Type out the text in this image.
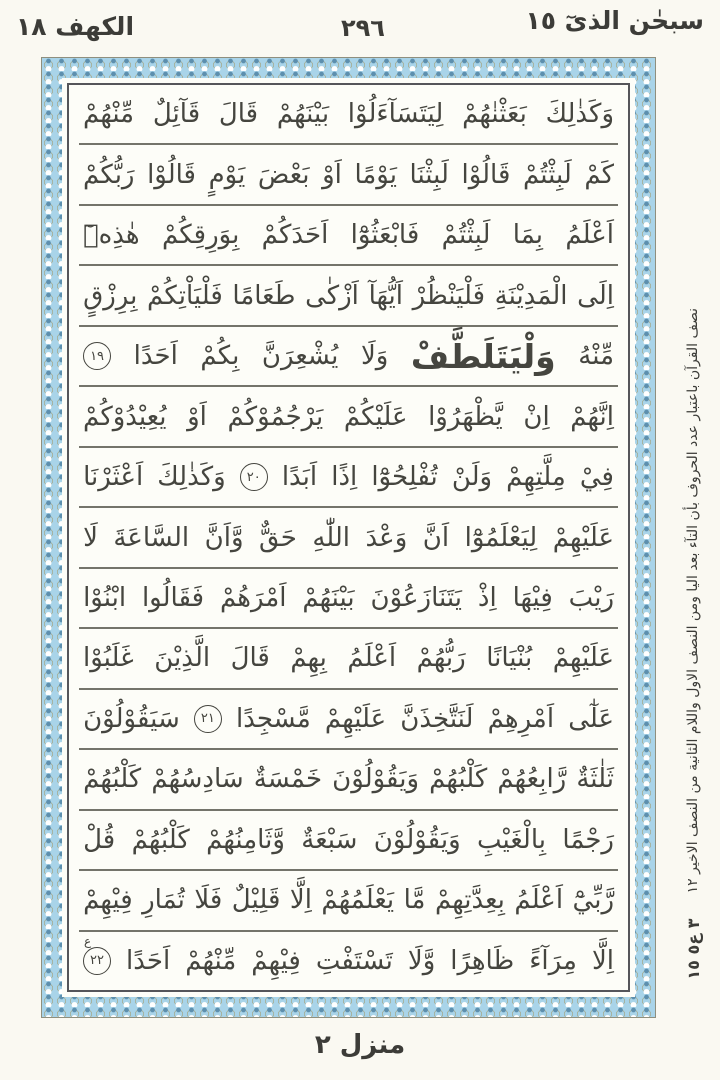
سبحٰن الذىٓ ١٥
٢٩٦
الكهف ١٨
وَكَذٰلِكَ
بَعَثْنٰهُمْ
لِيَتَسَآءَلُوْا
بَيْنَهُمْ
قَالَ
قَآئِلٌ
مِّنْهُمْ
كَمْ
لَبِثْتُمْ
قَالُوْا
لَبِثْنَا
يَوْمًا
اَوْ
بَعْضَ
يَوْمٍ
قَالُوْا
رَبُّكُمْ
اَعْلَمُ
بِمَا
لَبِثْتُمْ
فَابْعَثُوْٓا
اَحَدَكُمْ
بِوَرِقِكُمْ
هٰذِهٖٓ
اِلَى
الْمَدِيْنَةِ
فَلْيَنْظُرْ
اَيُّهَآ
اَزْكٰى
طَعَامًا
فَلْيَاْتِكُمْ
بِرِزْقٍ
مِّنْهُ
وَلْيَتَلَطَّفْ
وَلَا
يُشْعِرَنَّ
بِكُمْ
اَحَدًا
١٩
اِنَّهُمْ
اِنْ
يَّظْهَرُوْا
عَلَيْكُمْ
يَرْجُمُوْكُمْ
اَوْ
يُعِيْدُوْكُمْ
فِيْ
مِلَّتِهِمْ
وَلَنْ
تُفْلِحُوْٓا
اِذًا
اَبَدًا
٢٠
وَكَذٰلِكَ
اَعْثَرْنَا
عَلَيْهِمْ
لِيَعْلَمُوْٓا
اَنَّ
وَعْدَ
اللّٰهِ
حَقٌّ
وَّاَنَّ
السَّاعَةَ
لَا
رَيْبَ
فِيْهَا
اِذْ
يَتَنَازَعُوْنَ
بَيْنَهُمْ
اَمْرَهُمْ
فَقَالُوا
ابْنُوْا
عَلَيْهِمْ
بُنْيَانًا
رَبُّهُمْ
اَعْلَمُ
بِهِمْ
قَالَ
الَّذِيْنَ
غَلَبُوْا
عَلٰٓى
اَمْرِهِمْ
لَنَتَّخِذَنَّ
عَلَيْهِمْ
مَّسْجِدًا
٢١
سَيَقُوْلُوْنَ
ثَلٰثَةٌ
رَّابِعُهُمْ
كَلْبُهُمْ
وَيَقُوْلُوْنَ
خَمْسَةٌ
سَادِسُهُمْ
كَلْبُهُمْ
رَجْمًا
بِالْغَيْبِ
وَيَقُوْلُوْنَ
سَبْعَةٌ
وَّثَامِنُهُمْ
كَلْبُهُمْ
قُلْ
رَّبِّيْٓ
اَعْلَمُ
بِعِدَّتِهِمْ
مَّا
يَعْلَمُهُمْ
اِلَّا
قَلِيْلٌ
فَلَا
تُمَارِ
فِيْهِمْ
اِلَّا
مِرَآءً
ظَاهِرًا
وَّلَا
تَسْتَفْتِ
فِيْهِمْ
مِّنْهُمْ
اَحَدًا
٢٢
ع
نصف القرآن باعتبار عدد الحروف بأن التآء بعد اليا ومن النصف الاول واللام الثانية من النصف الاخير ١٢
٣ ع٥ ١٥
منزل ٢
